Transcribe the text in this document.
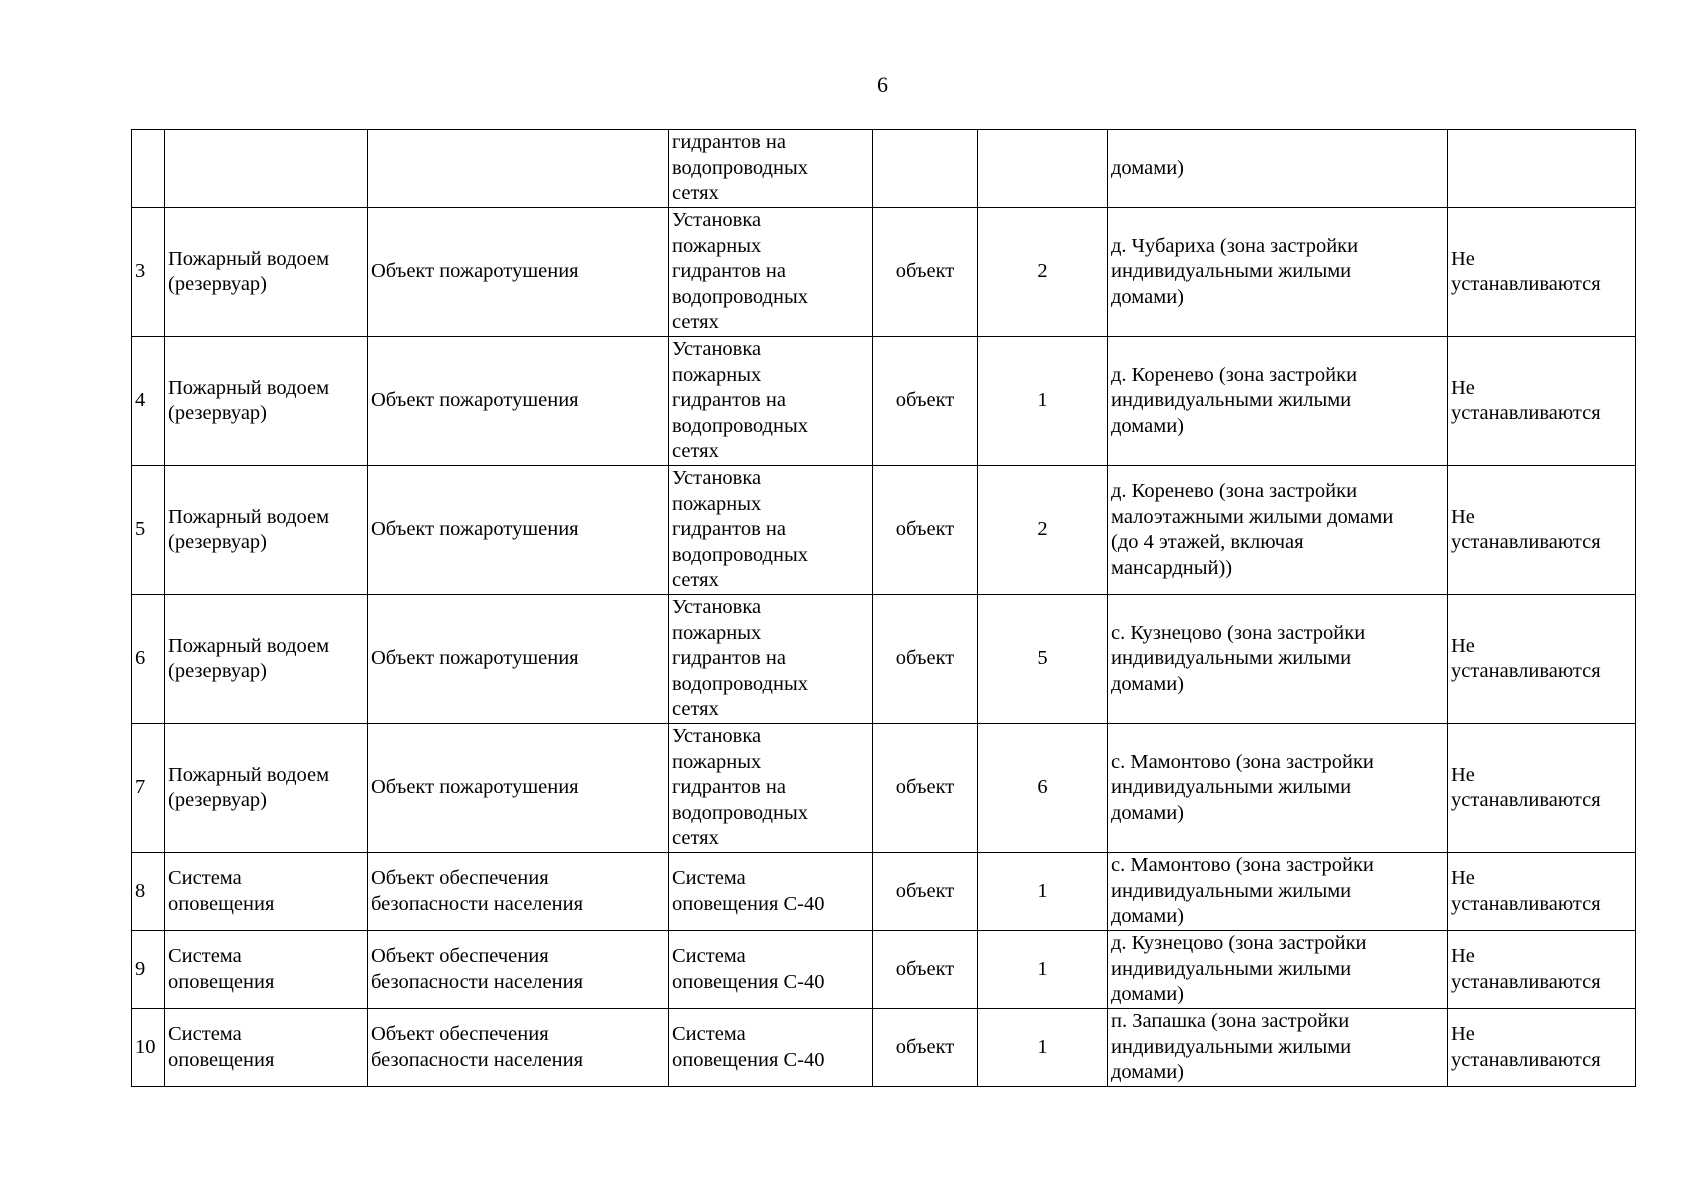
6
			гидрантов на
водопроводных
сетях			домами)	
3	Пожарный водоем
(резервуар)	Объект пожаротушения	Установка
пожарных
гидрантов на
водопроводных
сетях	объект	2	д. Чубариха (зона застройки
индивидуальными жилыми
домами)	Не
устанавливаются
4	Пожарный водоем
(резервуар)	Объект пожаротушения	Установка
пожарных
гидрантов на
водопроводных
сетях	объект	1	д. Коренево (зона застройки
индивидуальными жилыми
домами)	Не
устанавливаются
5	Пожарный водоем
(резервуар)	Объект пожаротушения	Установка
пожарных
гидрантов на
водопроводных
сетях	объект	2	д. Коренево (зона застройки
малоэтажными жилыми домами
(до 4 этажей, включая
мансардный))	Не
устанавливаются
6	Пожарный водоем
(резервуар)	Объект пожаротушения	Установка
пожарных
гидрантов на
водопроводных
сетях	объект	5	с. Кузнецово (зона застройки
индивидуальными жилыми
домами)	Не
устанавливаются
7	Пожарный водоем
(резервуар)	Объект пожаротушения	Установка
пожарных
гидрантов на
водопроводных
сетях	объект	6	с. Мамонтово (зона застройки
индивидуальными жилыми
домами)	Не
устанавливаются
8	Система
оповещения	Объект обеспечения
безопасности населения	Система
оповещения С-40	объект	1	с. Мамонтово (зона застройки
индивидуальными жилыми
домами)	Не
устанавливаются
9	Система
оповещения	Объект обеспечения
безопасности населения	Система
оповещения С-40	объект	1	д. Кузнецово (зона застройки
индивидуальными жилыми
домами)	Не
устанавливаются
10	Система
оповещения	Объект обеспечения
безопасности населения	Система
оповещения С-40	объект	1	п. Запашка (зона застройки
индивидуальными жилыми
домами)	Не
устанавливаются
